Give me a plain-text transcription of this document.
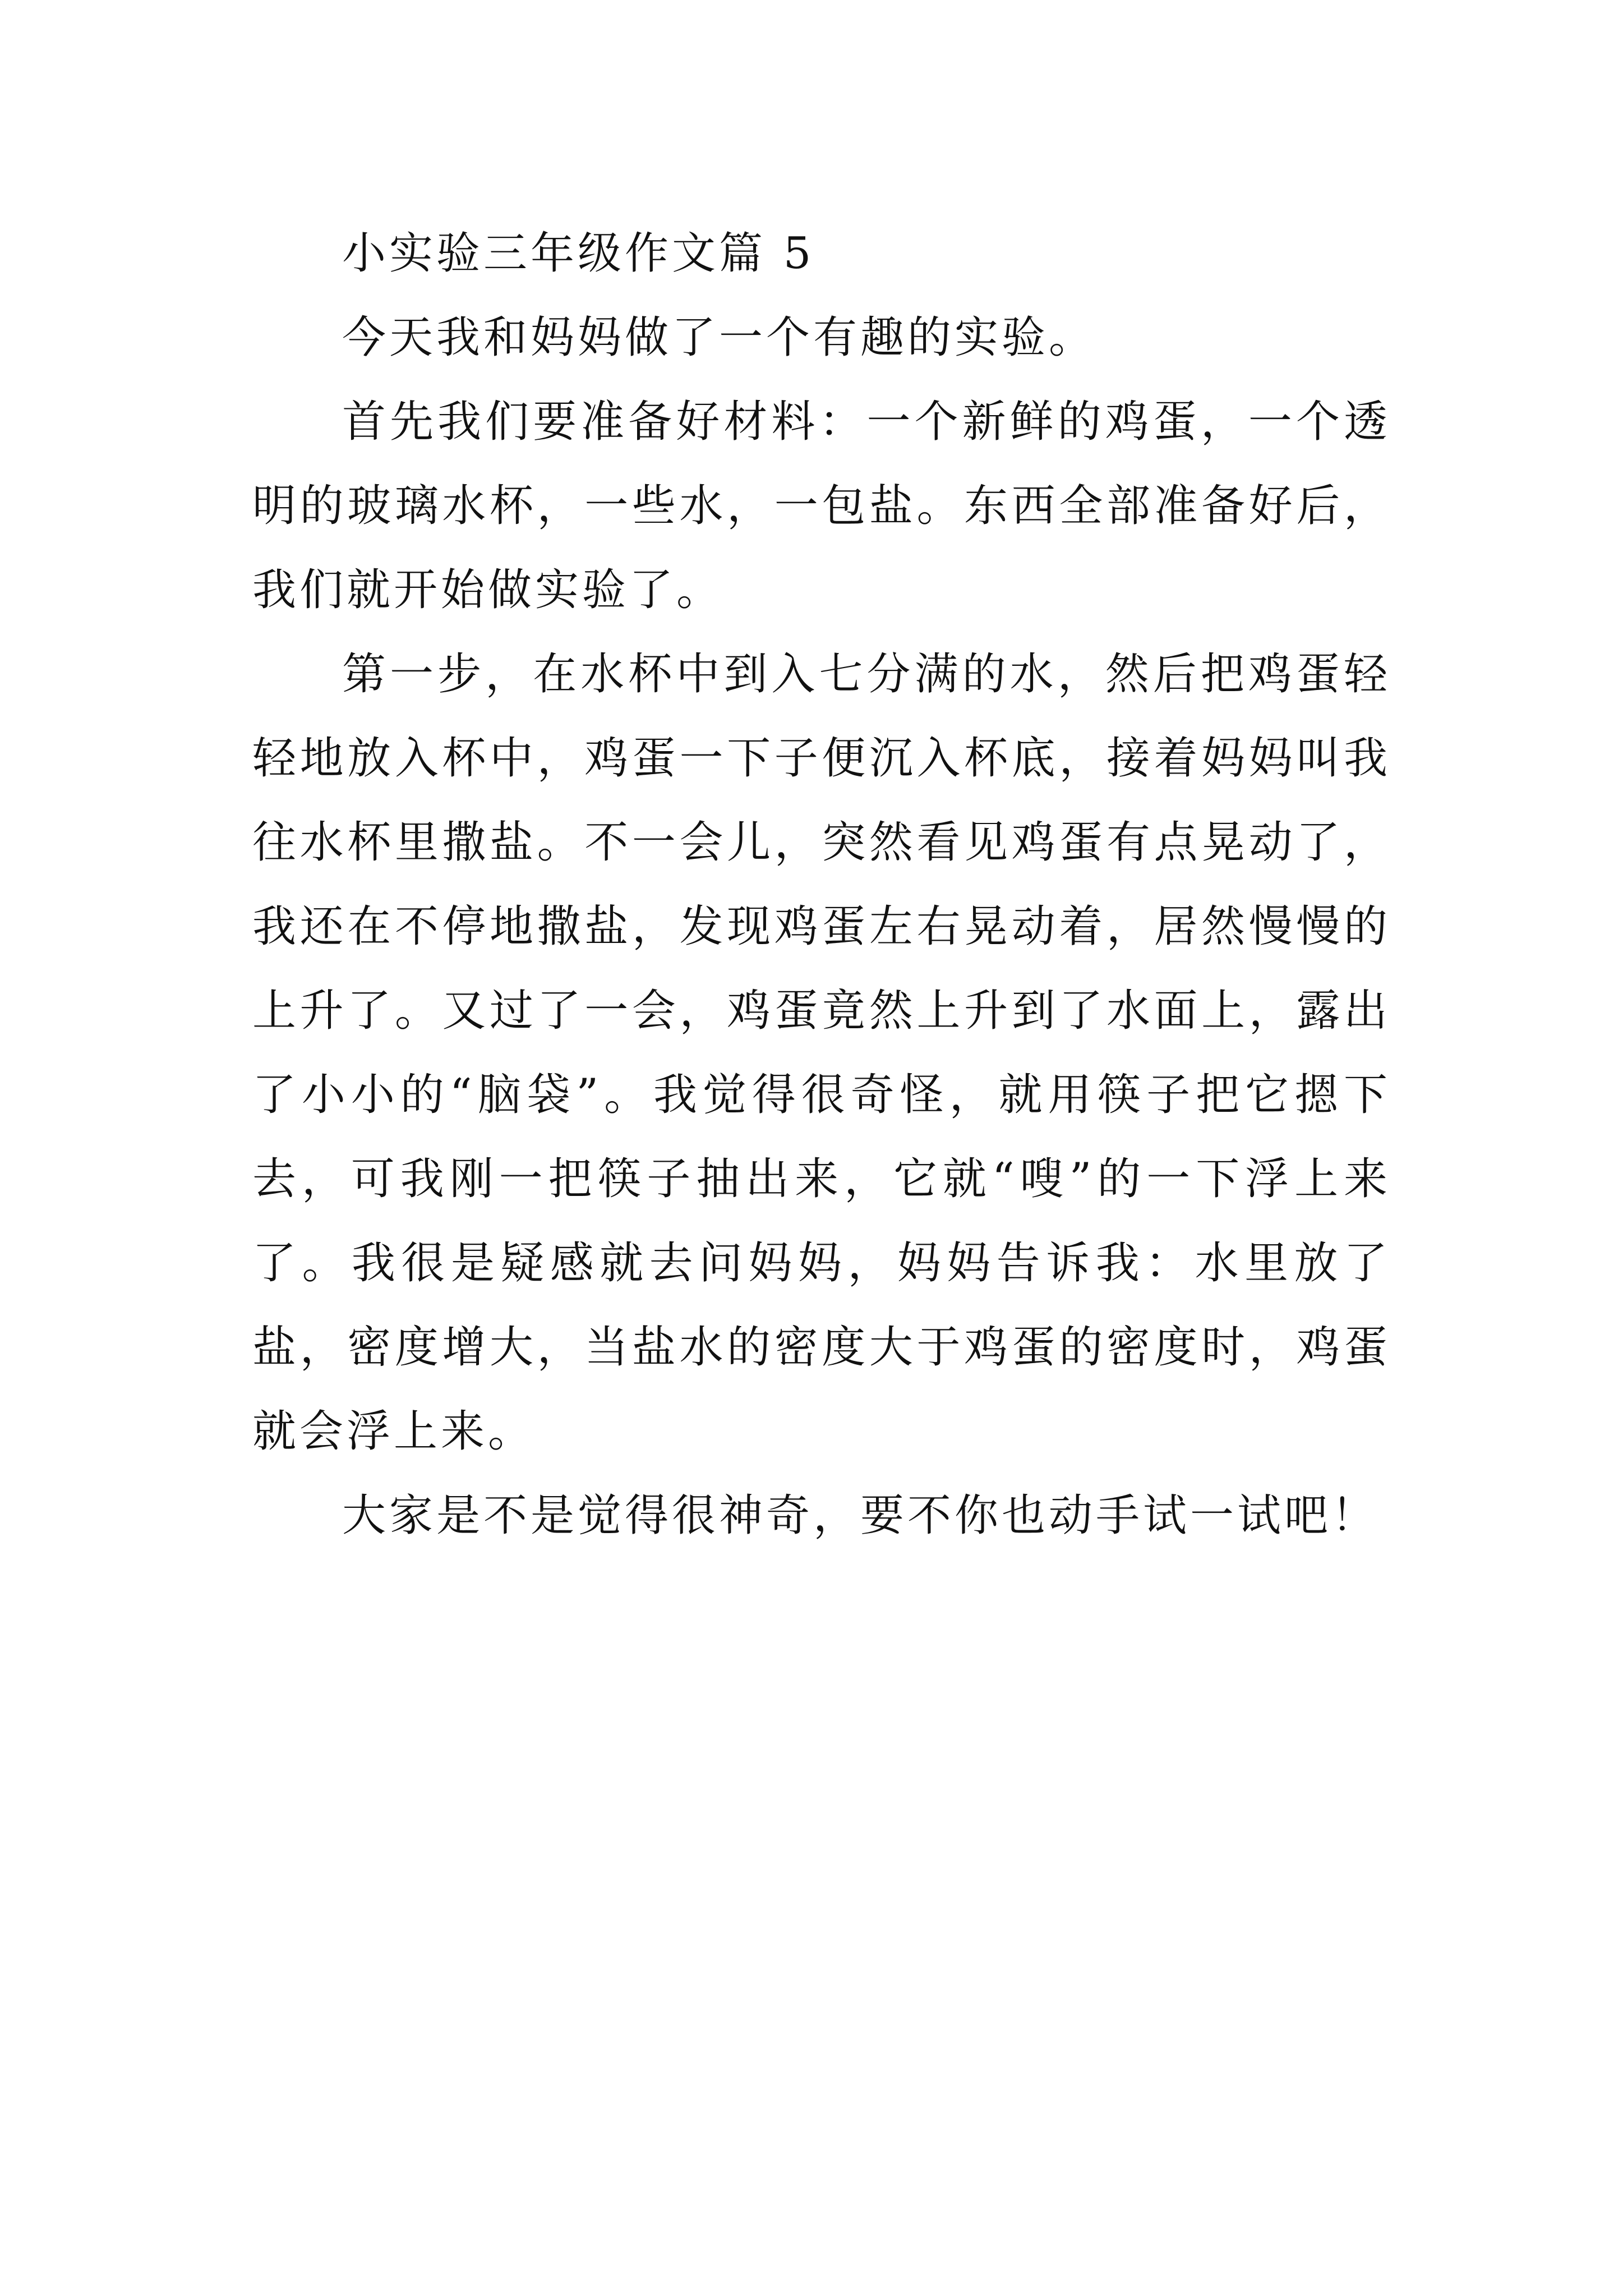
小实验三年级作文篇 5

今天我和妈妈做了一个有趣的实验。

首先我们要准备好材料：一个新鲜的鸡蛋，一个透明的玻璃水杯，一些水，一包盐。东西全部准备好后，我们就开始做实验了。

第一步，在水杯中到入七分满的水，然后把鸡蛋轻轻地放入杯中，鸡蛋一下子便沉入杯底，接着妈妈叫我往水杯里撒盐。不一会儿，突然看见鸡蛋有点晃动了，我还在不停地撒盐，发现鸡蛋左右晃动着，居然慢慢的上升了。又过了一会，鸡蛋竟然上升到了水面上，露出了小小的“脑袋”。我觉得很奇怪，就用筷子把它摁下去，可我刚一把筷子抽出来，它就“嗖”的一下浮上来了。我很是疑感就去问妈妈，妈妈告诉我：水里放了盐，密度增大，当盐水的密度大于鸡蛋的密度时，鸡蛋就会浮上来。

大家是不是觉得很神奇，要不你也动手试一试吧！
